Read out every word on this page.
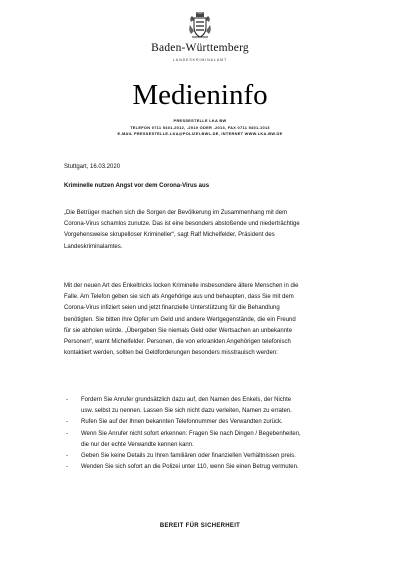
Baden-Württemberg
LANDESKRIMINALAMT
Medieninfo
PRESSESTELLE LKA BW
TELEFON 0711 5401-2012, -2010 ODER -2013, FAX 0711 5401-1013
E-MAIL PRESSESTELLE-LKA@POLIZEI.BWL.DE, INTERNET WWW.LKA-BW.DE
Stuttgart, 16.03.2020
Kriminelle nutzen Angst vor dem Corona-Virus aus
„Die Betrüger machen sich die Sorgen der Bevölkerung im Zusammenhang mit dem
Corona-Virus schamlos zunutze. Das ist eine besonders abstoßende und niederträchtige
Vorgehensweise skrupelloser Krimineller“, sagt Ralf Michelfelder, Präsident des
Landeskriminalamtes.
Mit der neuen Art des Enkeltricks locken Kriminelle insbesondere ältere Menschen in die
Falle. Am Telefon geben sie sich als Angehörige aus und behaupten, dass Sie mit dem
Corona-Virus infiziert seien und jetzt finanzielle Unterstützung für die Behandlung
benötigten. Sie bitten ihre Opfer um Geld und andere Wertgegenstände, die ein Freund
für sie abholen würde. „Übergeben Sie niemals Geld oder Wertsachen an unbekannte
Personen“, warnt Michelfelder. Personen, die von erkrankten Angehörigen telefonisch
kontaktiert werden, sollten bei Geldforderungen besonders misstrauisch werden:
- Fordern Sie Anrufer grundsätzlich dazu auf, den Namen des Enkels, der Nichte
usw. selbst zu nennen. Lassen Sie sich nicht dazu verleiten, Namen zu erraten.
- Rufen Sie auf der Ihnen bekannten Telefonnummer des Verwandten zurück.
- Wenn Sie Anrufer nicht sofort erkennen: Fragen Sie nach Dingen / Begebenheiten,
die nur der echte Verwandte kennen kann.
- Geben Sie keine Details zu Ihren familiären oder finanziellen Verhältnissen preis.
- Wenden Sie sich sofort an die Polizei unter 110, wenn Sie einen Betrug vermuten.
BEREIT FÜR SICHERHEIT
